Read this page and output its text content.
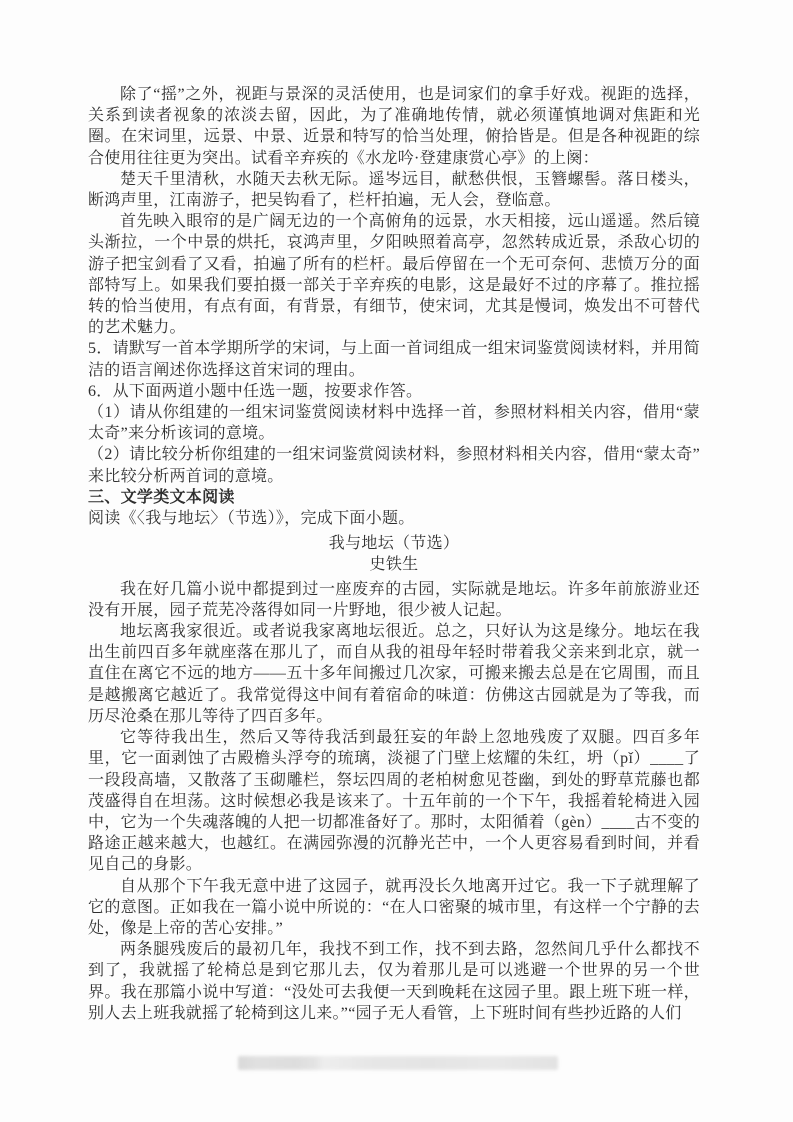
除了“摇”之外，视距与景深的灵活使用，也是词家们的拿手好戏。视距的选择，关系到读者视象的浓淡去留，因此，为了准确地传情，就必须谨慎地调对焦距和光圈。在宋词里，远景、中景、近景和特写的恰当处理，俯拾皆是。但是各种视距的综合使用往往更为突出。试看辛弃疾的《水龙吟·登建康赏心亭》的上阕：

楚天千里清秋，水随天去秋无际。遥岑远目，献愁供恨，玉簪螺髻。落日楼头，断鸿声里，江南游子，把吴钩看了，栏杆拍遍，无人会，登临意。

首先映入眼帘的是广阔无边的一个高俯角的远景，水天相接，远山遥遥。然后镜头渐拉，一个中景的烘托，哀鸿声里，夕阳映照着高亭，忽然转成近景，杀敌心切的游子把宝剑看了又看，拍遍了所有的栏杆。最后停留在一个无可奈何、悲愤万分的面部特写上。如果我们要拍摄一部关于辛弃疾的电影，这是最好不过的序幕了。推拉摇转的恰当使用，有点有面，有背景，有细节，使宋词，尤其是慢词，焕发出不可替代的艺术魅力。

5．请默写一首本学期所学的宋词，与上面一首词组成一组宋词鉴赏阅读材料，并用简洁的语言阐述你选择这首宋词的理由。

6．从下面两道小题中任选一题，按要求作答。

（1）请从你组建的一组宋词鉴赏阅读材料中选择一首，参照材料相关内容，借用“蒙太奇”来分析该词的意境。

（2）请比较分析你组建的一组宋词鉴赏阅读材料，参照材料相关内容，借用“蒙太奇”来比较分析两首词的意境。

三、文学类文本阅读

阅读《〈我与地坛〉（节选）》，完成下面小题。

我与地坛（节选）

史铁生

我在好几篇小说中都提到过一座废弃的古园，实际就是地坛。许多年前旅游业还没有开展，园子荒芜冷落得如同一片野地，很少被人记起。

地坛离我家很近。或者说我家离地坛很近。总之，只好认为这是缘分。地坛在我出生前四百多年就座落在那儿了，而自从我的祖母年轻时带着我父亲来到北京，就一直住在离它不远的地方——五十多年间搬过几次家，可搬来搬去总是在它周围，而且是越搬离它越近了。我常觉得这中间有着宿命的味道：仿佛这古园就是为了等我，而历尽沧桑在那儿等待了四百多年。

它等待我出生，然后又等待我活到最狂妄的年龄上忽地残废了双腿。四百多年里，它一面剥蚀了古殿檐头浮夸的琉璃，淡褪了门壁上炫耀的朱红，坍（pǐ）____了一段段高墙，又散落了玉砌雕栏，祭坛四周的老柏树愈见苍幽，到处的野草荒藤也都茂盛得自在坦荡。这时候想必我是该来了。十五年前的一个下午，我摇着轮椅进入园中，它为一个失魂落魄的人把一切都准备好了。那时，太阳循着（gèn）____古不变的路途正越来越大，也越红。在满园弥漫的沉静光芒中，一个人更容易看到时间，并看见自己的身影。

自从那个下午我无意中进了这园子，就再没长久地离开过它。我一下子就理解了它的意图。正如我在一篇小说中所说的：“在人口密聚的城市里，有这样一个宁静的去处，像是上帝的苦心安排。”

两条腿残废后的最初几年，我找不到工作，找不到去路，忽然间几乎什么都找不到了，我就摇了轮椅总是到它那儿去，仅为着那儿是可以逃避一个世界的另一个世界。我在那篇小说中写道：“没处可去我便一天到晚耗在这园子里。跟上班下班一样，别人去上班我就摇了轮椅到这儿来。”“园子无人看管，上下班时间有些抄近路的人们
